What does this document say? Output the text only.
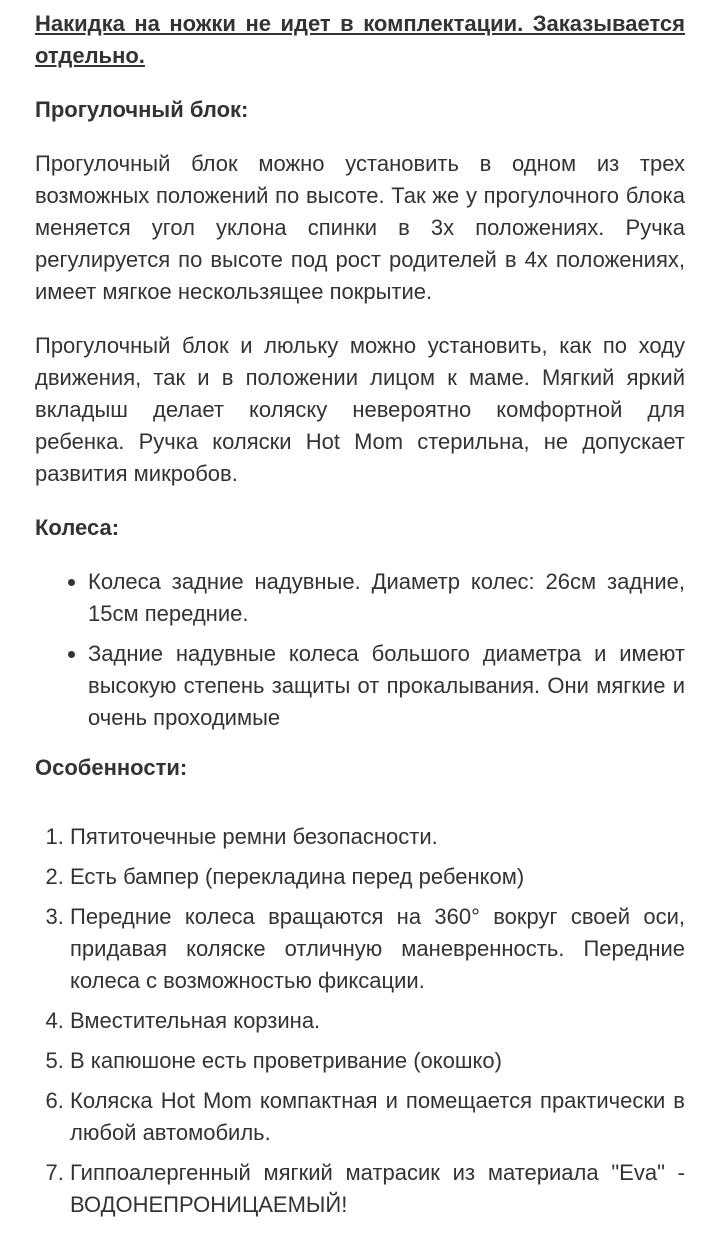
Накидка на ножки не идет в комплектации. Заказывается отдельно.

Прогулочный блок:

Прогулочный блок можно установить в одном из трех возможных положений по высоте. Так же у прогулочного блока меняется угол уклона спинки в 3х положениях. Ручка регулируется по высоте под рост родителей в 4х положениях, имеет мягкое нескользящее покрытие.

Прогулочный блок и люльку можно установить, как по ходу движения, так и в положении лицом к маме. Мягкий яркий вкладыш делает коляску невероятно комфортной для ребенка. Ручка коляски Hot Mom стерильна, не допускает развития микробов.

Колеса:

• Колеса задние надувные. Диаметр колес: 26см задние, 15см передние.
• Задние надувные колеса большого диаметра и имеют высокую степень защиты от прокалывания. Они мягкие и очень проходимые

Особенности:

1. Пятиточечные ремни безопасности.
2. Есть бампер (перекладина перед ребенком)
3. Передние колеса вращаются на 360° вокруг своей оси, придавая коляске отличную маневренность. Передние колеса с возможностью фиксации.
4. Вместительная корзина.
5. В капюшоне есть проветривание (окошко)
6. Коляска Hot Mom компактная и помещается практически в любой автомобиль.
7. Гиппоалергенный мягкий матрасик из материала "Eva" - ВОДОНЕПРОНИЦАЕМЫЙ!
